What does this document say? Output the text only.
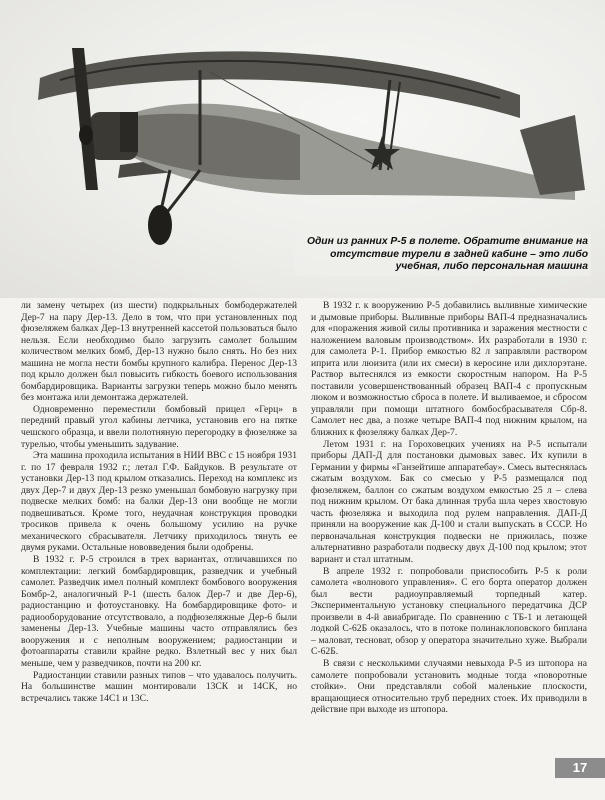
Один из ранних Р-5 в полете. Обратите внимание на отсутствие турели в задней кабине – это либо учебная, либо персональная машина

ли замену четырех (из шести) подкрыльных бомбодержателей Дер-7 на пару Дер-13. Дело в том, что при установленных под фюзеляжем балках Дер-13 внутренней кассетой пользоваться было нельзя. Если необходимо было загрузить самолет большим количеством мелких бомб, Дер-13 нужно было снять. Но без них машина не могла нести бомбы крупного калибра. Перенос Дер-13 под крыло должен был повысить гибкость боевого использования бомбардировщика. Варианты загрузки теперь можно было менять без монтажа или демонтажа держателей.

Одновременно переместили бомбовый прицел «Герц» в передний правый угол кабины летчика, установив его на пятке чешского образца, и ввели полотняную перегородку в фюзеляже за турелью, чтобы уменьшить задувание.

Эта машина проходила испытания в НИИ ВВС с 15 ноября 1931 г. по 17 февраля 1932 г.; летал Г.Ф. Байдуков. В результате от установки Дер-13 под крылом отказались. Переход на комплекс из двух Дер-7 и двух Дер-13 резко уменьшал бомбовую нагрузку при подвеске мелких бомб: на балки Дер-13 они вообще не могли подвешиваться. Кроме того, неудачная конструкция проводки тросиков привела к очень большому усилию на ручке механического сбрасывателя. Летчику приходилось тянуть ее двумя руками. Остальные нововведения были одобрены.

В 1932 г. Р-5 строился в трех вариантах, отличавшихся по комплектации: легкий бомбардировщик, разведчик и учебный самолет. Разведчик имел полный комплект бомбового вооружения Бомбр-2, аналогичный Р-1 (шесть балок Дер-7 и две Дер-6), радиостанцию и фотоустановку. На бомбардировщике фото- и радиооборудование отсутствовало, а подфюзеляжные Дер-6 были заменены Дер-13. Учебные машины часто отправлялись без вооружения и с неполным вооружением; радиостанции и фотоаппараты ставили крайне редко. Взлетный вес у них был меньше, чем у разведчиков, почти на 200 кг.

Радиостанции ставили разных типов – что удавалось получить. На большинстве машин монтировали 13СК и 14СК, но встречались также 14С1 и 13С.

В 1932 г. к вооружению Р-5 добавились выливные химические и дымовые приборы. Выливные приборы ВАП-4 предназначались для «поражения живой силы противника и заражения местности с наложением валовым производством». Их разработали в 1930 г. для самолета Р-1. Прибор емкостью 82 л заправляли раствором иприта или люизита (или их смеси) в керосине или дихлорэтане. Раствор вытеснялся из емкости скоростным напором. На Р-5 поставили усовершенствованный образец ВАП-4 с пропускным люком и возможностью сброса в полете. И выливаемое, и сбросом управляли при помощи штатного бомбосбрасывателя Сбр-8. Самолет нес два, а позже четыре ВАП-4 под нижним крылом, на ближних к фюзеляжу балках Дер-7.

Летом 1931 г. на Гороховецких учениях на Р-5 испытали приборы ДАП-Д для постановки дымовых завес. Их купили в Германии у фирмы «Ганзейтише аппаратебау». Смесь вытеснялась сжатым воздухом. Бак со смесью у Р-5 размещался под фюзеляжем, баллон со сжатым воздухом емкостью 25 л – слева под нижним крылом. От бака длинная труба шла через хвостовую часть фюзеляжа и выходила под рулем направления. ДАП-Д приняли на вооружение как Д-100 и стали выпускать в СССР. Но первоначальная конструкция подвески не прижилась, позже альтернативно разработали подвеску двух Д-100 под крылом; этот вариант и стал штатным.

В апреле 1932 г. попробовали приспособить Р-5 к роли самолета «волнового управления». С его борта оператор должен был вести радиоуправляемый торпедный катер. Экспериментальную установку специального передатчика ДСР произвели в 4-й авиабригаде. По сравнению с ТБ-1 и летающей лодкой С-62Б оказалось, что в потоке полинаклоповского биплана – маловат, тесноват, обзор у оператора значительно хуже. Выбрали С-62Б.

В связи с несколькими случаями невыхода Р-5 из штопора на самолете попробовали установить модные тогда «поворотные стойки». Они представляли собой маленькие плоскости, вращающиеся относительно труб передних стоек. Их приводили в действие при выходе из штопора.

17
